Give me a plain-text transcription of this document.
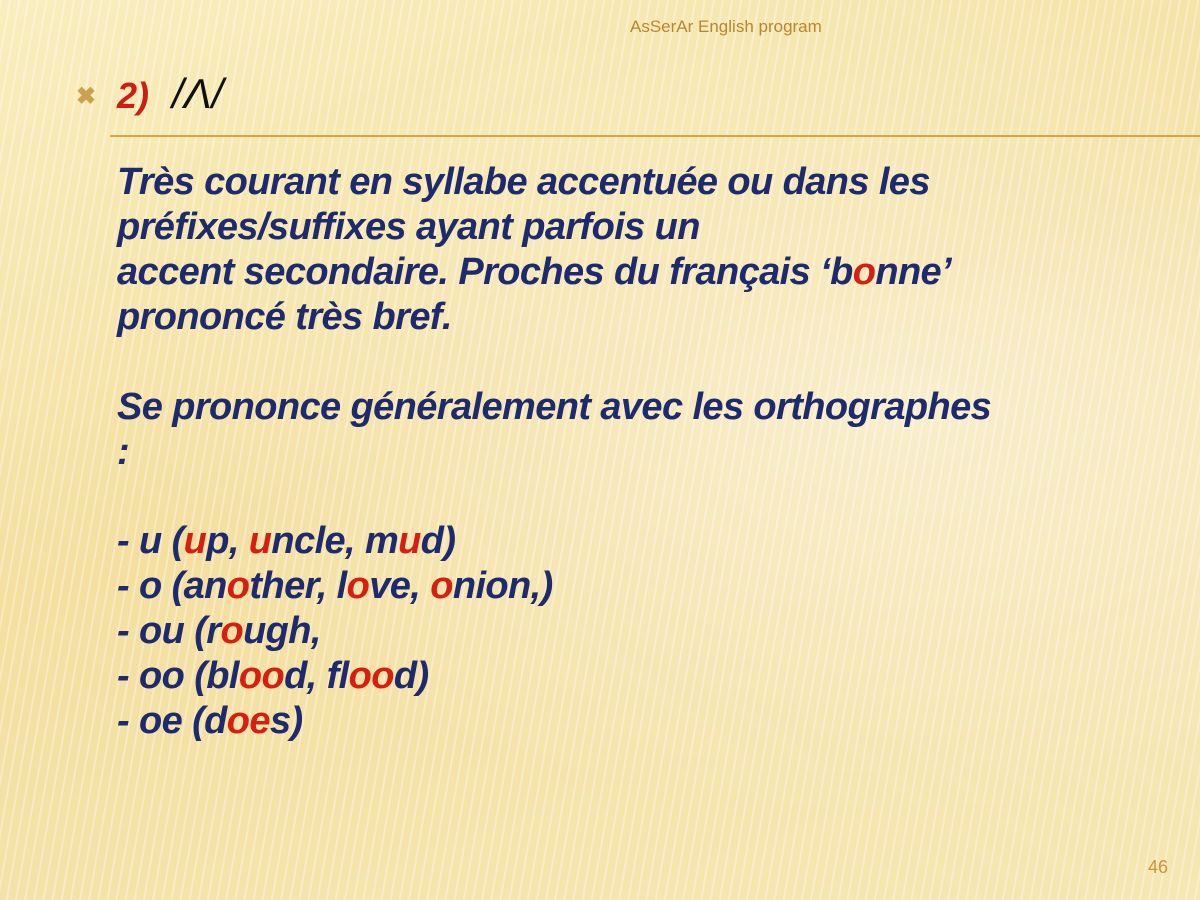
AsSerAr English program
✖ 2) /Λ/
Très courant en syllabe accentuée ou dans les
préfixes/suffixes ayant parfois un
accent secondaire. Proches du français ‘bonne’
prononcé très bref.
Se prononce généralement avec les orthographes
:
- u (up, uncle, mud)
- o (another, love, onion,)
- ou (rough,
- oo (blood, flood)
- oe (does)
46
